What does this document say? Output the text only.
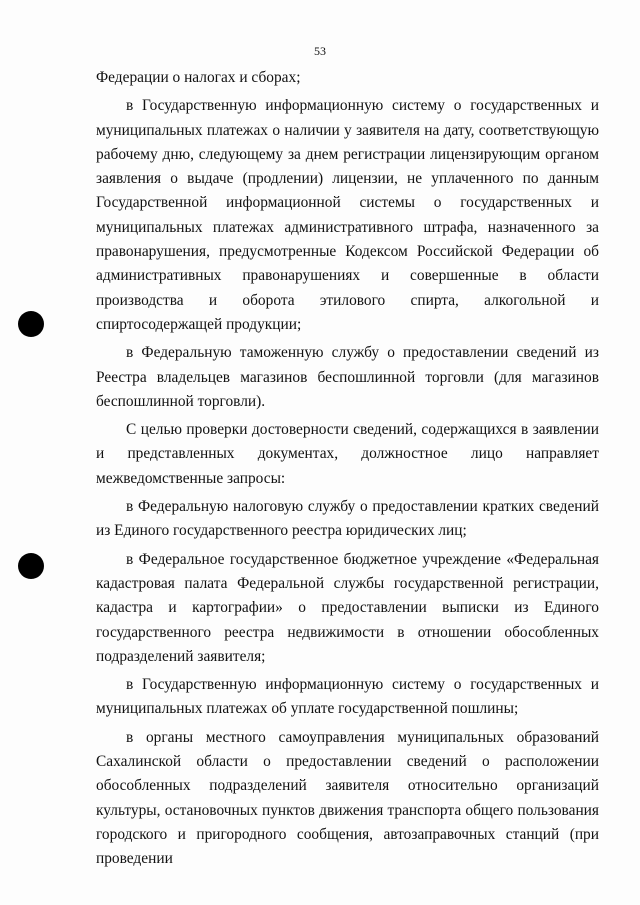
53

Федерации о налогах и сборах;

в Государственную информационную систему о государственных и муниципальных платежах о наличии у заявителя на дату, соответствующую рабочему дню, следующему за днем регистрации лицензирующим органом заявления о выдаче (продлении) лицензии, не уплаченного по данным Государственной информационной системы о государственных и муниципальных платежах административного штрафа, назначенного за правонарушения, предусмотренные Кодексом Российской Федерации об административных правонарушениях и совершенные в области производства и оборота этилового спирта, алкогольной и спиртосодержащей продукции;

в Федеральную таможенную службу о предоставлении сведений из Реестра владельцев магазинов беспошлинной торговли (для магазинов беспошлинной торговли).

С целью проверки достоверности сведений, содержащихся в заявлении и представленных документах, должностное лицо направляет межведомственные запросы:

в Федеральную налоговую службу о предоставлении кратких сведений из Единого государственного реестра юридических лиц;

в Федеральное государственное бюджетное учреждение «Федеральная кадастровая палата Федеральной службы государственной регистрации, кадастра и картографии» о предоставлении выписки из Единого государственного реестра недвижимости в отношении обособленных подразделений заявителя;

в Государственную информационную систему о государственных и муниципальных платежах об уплате государственной пошлины;

в органы местного самоуправления муниципальных образований Сахалинской области о предоставлении сведений о расположении обособленных подразделений заявителя относительно организаций культуры, остановочных пунктов движения транспорта общего пользования городского и пригородного сообщения, автозаправочных станций (при проведении
